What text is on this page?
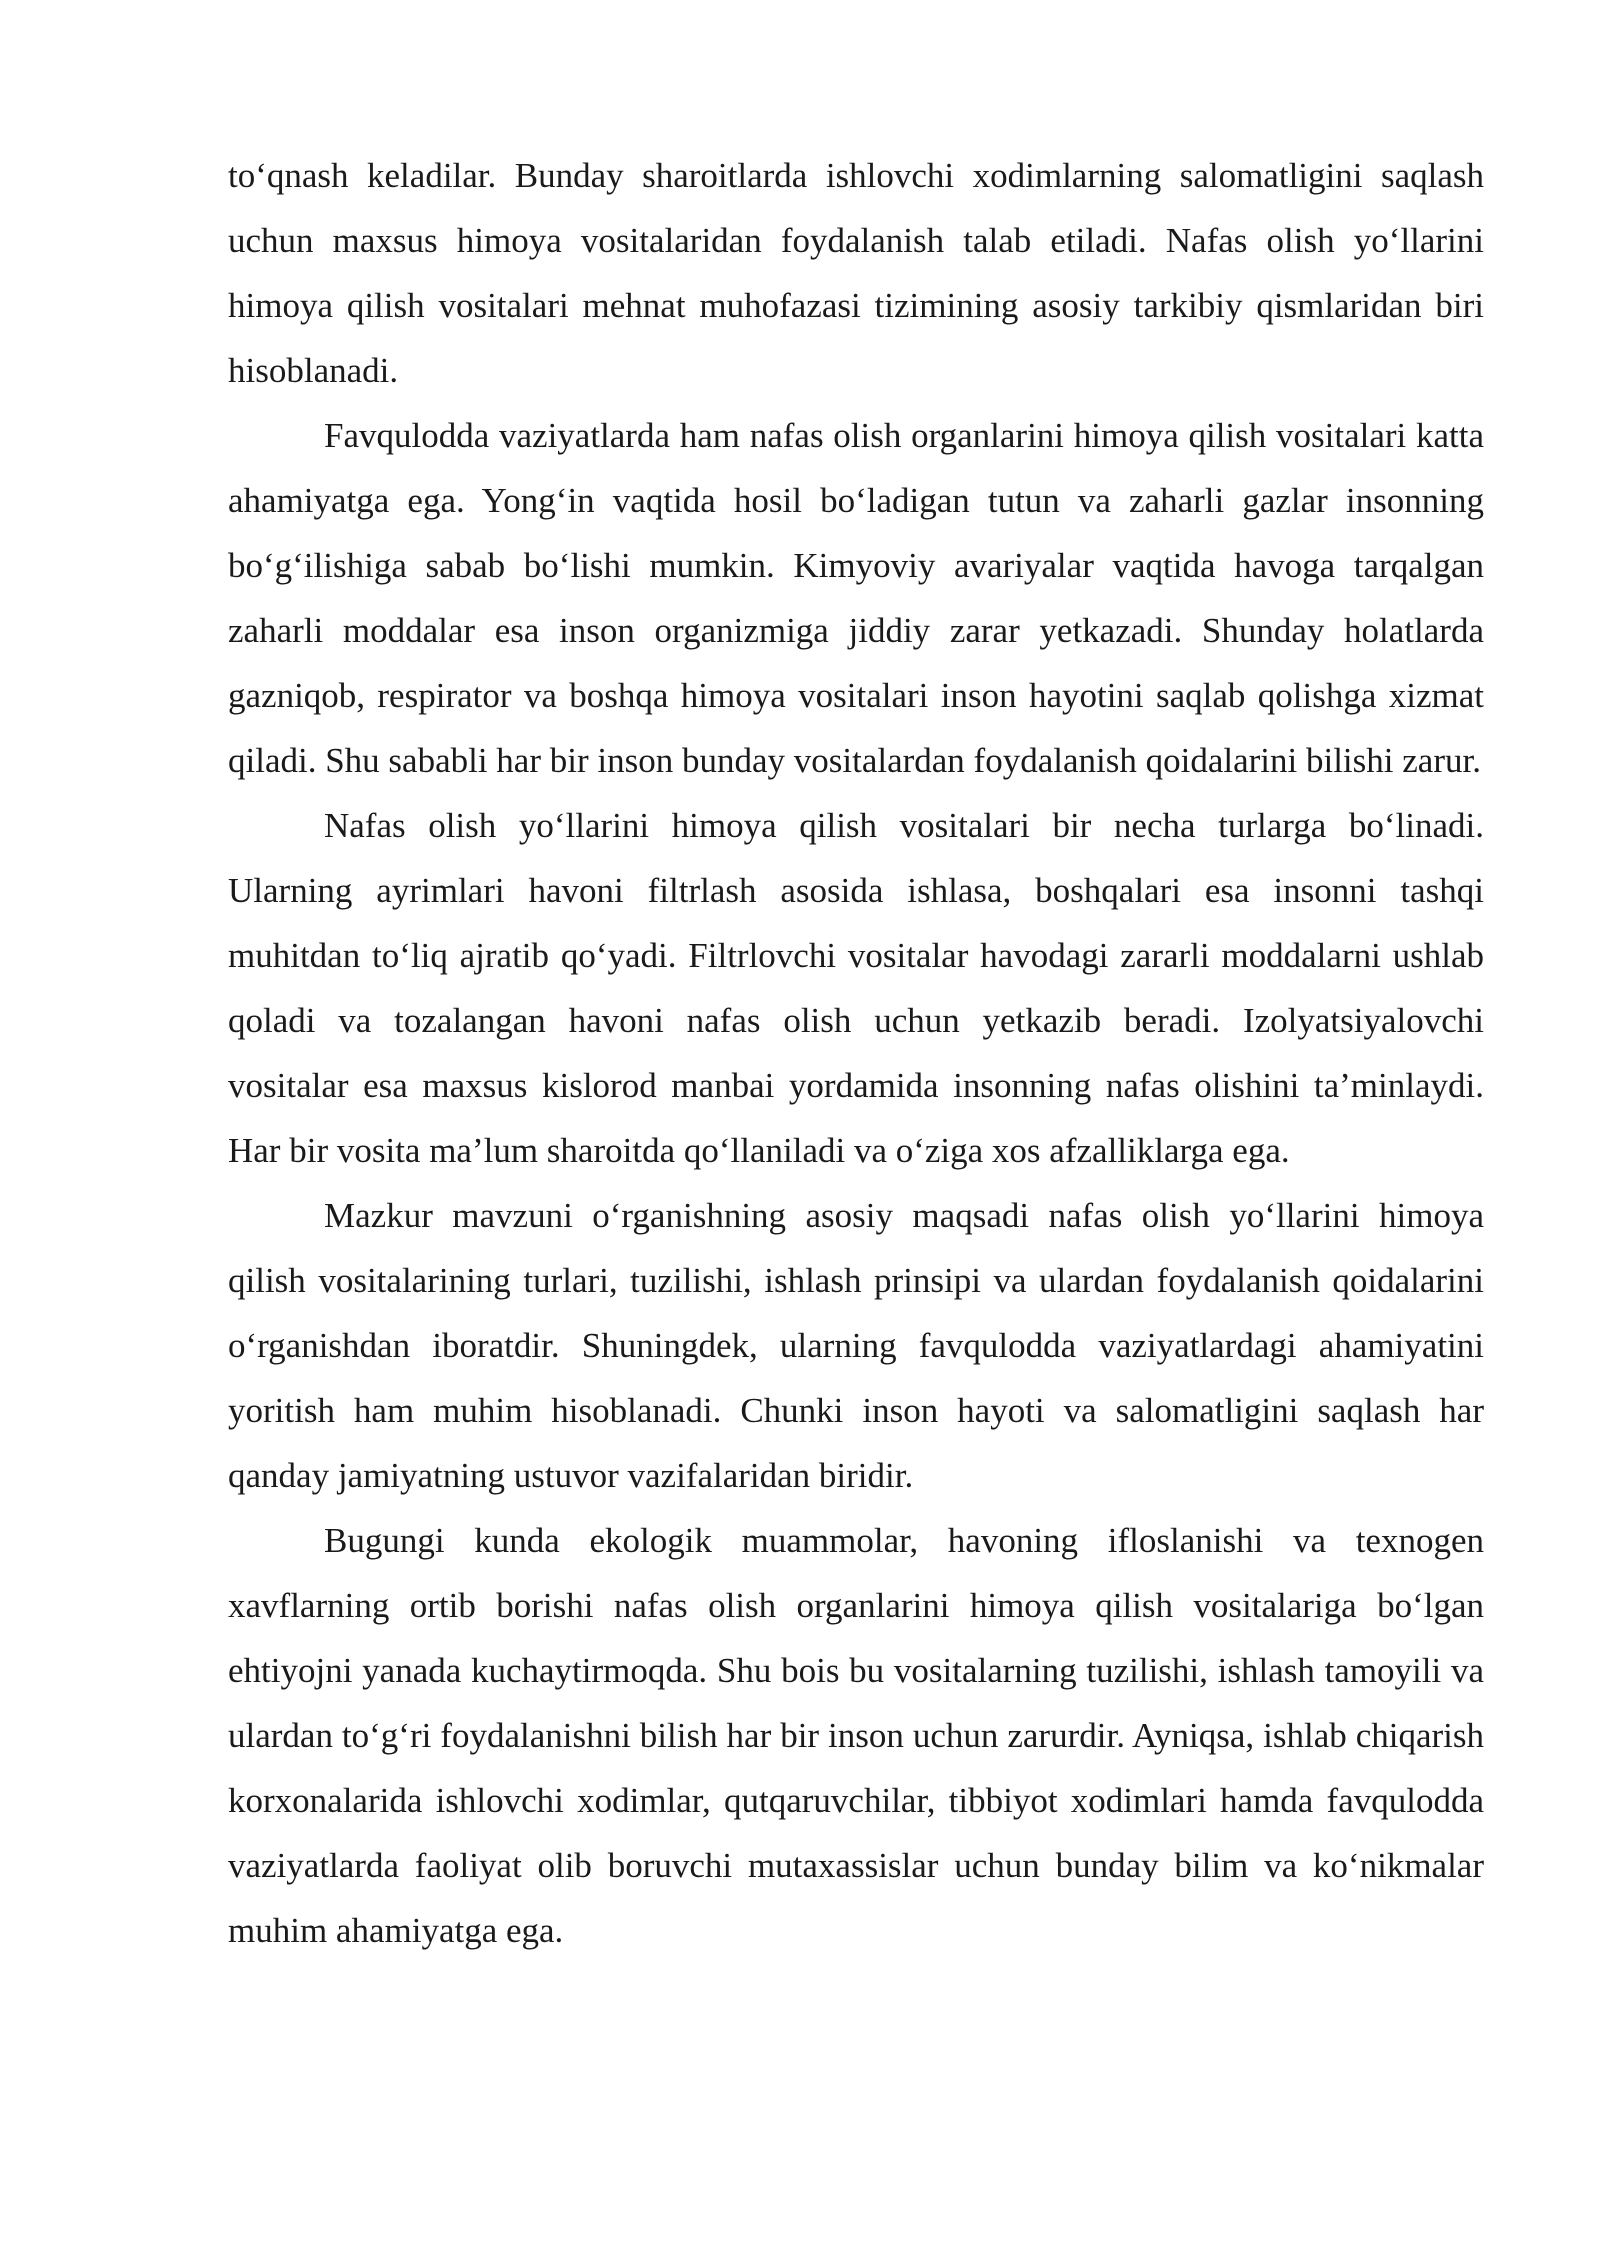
to‘qnash keladilar. Bunday sharoitlarda ishlovchi xodimlarning salomatligini saqlash uchun maxsus himoya vositalaridan foydalanish talab etiladi. Nafas olish yo‘llarini himoya qilish vositalari mehnat muhofazasi tizimining asosiy tarkibiy qismlaridan biri hisoblanadi.

Favqulodda vaziyatlarda ham nafas olish organlarini himoya qilish vositalari katta ahamiyatga ega. Yong‘in vaqtida hosil bo‘ladigan tutun va zaharli gazlar insonning bo‘g‘ilishiga sabab bo‘lishi mumkin. Kimyoviy avariyalar vaqtida havoga tarqalgan zaharli moddalar esa inson organizmiga jiddiy zarar yetkazadi. Shunday holatlarda gazniqob, respirator va boshqa himoya vositalari inson hayotini saqlab qolishga xizmat qiladi. Shu sababli har bir inson bunday vositalardan foydalanish qoidalarini bilishi zarur.

Nafas olish yo‘llarini himoya qilish vositalari bir necha turlarga bo‘linadi. Ularning ayrimlari havoni filtrlash asosida ishlasa, boshqalari esa insonni tashqi muhitdan to‘liq ajratib qo‘yadi. Filtrlovchi vositalar havodagi zararli moddalarni ushlab qoladi va tozalangan havoni nafas olish uchun yetkazib beradi. Izolyatsiyalovchi vositalar esa maxsus kislorod manbai yordamida insonning nafas olishini ta’minlaydi. Har bir vosita ma’lum sharoitda qo‘llaniladi va o‘ziga xos afzalliklarga ega.

Mazkur mavzuni o‘rganishning asosiy maqsadi nafas olish yo‘llarini himoya qilish vositalarining turlari, tuzilishi, ishlash prinsipi va ulardan foydalanish qoidalarini o‘rganishdan iboratdir. Shuningdek, ularning favqulodda vaziyatlardagi ahamiyatini yoritish ham muhim hisoblanadi. Chunki inson hayoti va salomatligini saqlash har qanday jamiyatning ustuvor vazifalaridan biridir.

Bugungi kunda ekologik muammolar, havoning ifloslanishi va texnogen xavflarning ortib borishi nafas olish organlarini himoya qilish vositalariga bo‘lgan ehtiyojni yanada kuchaytirmoqda. Shu bois bu vositalarning tuzilishi, ishlash tamoyili va ulardan to‘g‘ri foydalanishni bilish har bir inson uchun zarurdir. Ayniqsa, ishlab chiqarish korxonalarida ishlovchi xodimlar, qutqaruvchilar, tibbiyot xodimlari hamda favqulodda vaziyatlarda faoliyat olib boruvchi mutaxassislar uchun bunday bilim va ko‘nikmalar muhim ahamiyatga ega.
